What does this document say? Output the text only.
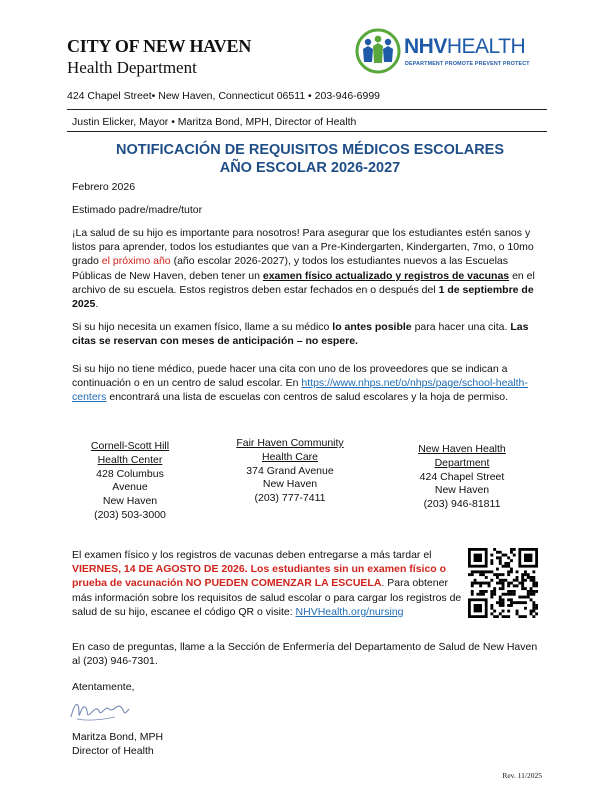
CITY OF NEW HAVEN
Health Department
NHVHEALTH
DEPARTMENT PROMOTE PREVENT PROTECT
424 Chapel Street• New Haven, Connecticut 06511 • 203-946-6999
Justin Elicker, Mayor • Maritza Bond, MPH, Director of Health
NOTIFICACIÓN DE REQUISITOS MÉDICOS ESCOLARES
AÑO ESCOLAR 2026-2027
Febrero 2026
Estimado padre/madre/tutor
¡La salud de su hijo es importante para nosotros! Para asegurar que los estudiantes estén sanos y listos para aprender, todos los estudiantes que van a Pre-Kindergarten, Kindergarten, 7mo, o 10mo grado el próximo año (año escolar 2026-2027), y todos los estudiantes nuevos a las Escuelas Públicas de New Haven, deben tener un examen físico actualizado y registros de vacunas en el archivo de su escuela. Estos registros deben estar fechados en o después del 1 de septiembre de 2025.
Si su hijo necesita un examen físico, llame a su médico lo antes posible para hacer una cita. Las citas se reservan con meses de anticipación – no espere.
Si su hijo no tiene médico, puede hacer una cita con uno de los proveedores que se indican a continuación o en un centro de salud escolar. En https://www.nhps.net/o/nhps/page/school-health-centers encontrará una lista de escuelas con centros de salud escolares y la hoja de permiso.
Cornell-Scott Hill
Health Center
428 Columbus
Avenue
New Haven
(203) 503-3000
Fair Haven Community
Health Care
374 Grand Avenue
New Haven
(203) 777-7411
New Haven Health
Department
424 Chapel Street
New Haven
(203) 946-81811
El examen físico y los registros de vacunas deben entregarse a más tardar el VIERNES, 14 DE AGOSTO DE 2026. Los estudiantes sin un examen físico o prueba de vacunación NO PUEDEN COMENZAR LA ESCUELA. Para obtener más información sobre los requisitos de salud escolar o para cargar los registros de salud de su hijo, escanee el código QR o visite: NHVHealth.org/nursing
En caso de preguntas, llame a la Sección de Enfermería del Departamento de Salud de New Haven al (203) 946-7301.
Atentamente,
Maritza Bond, MPH
Director of Health
Rev. 11/2025
